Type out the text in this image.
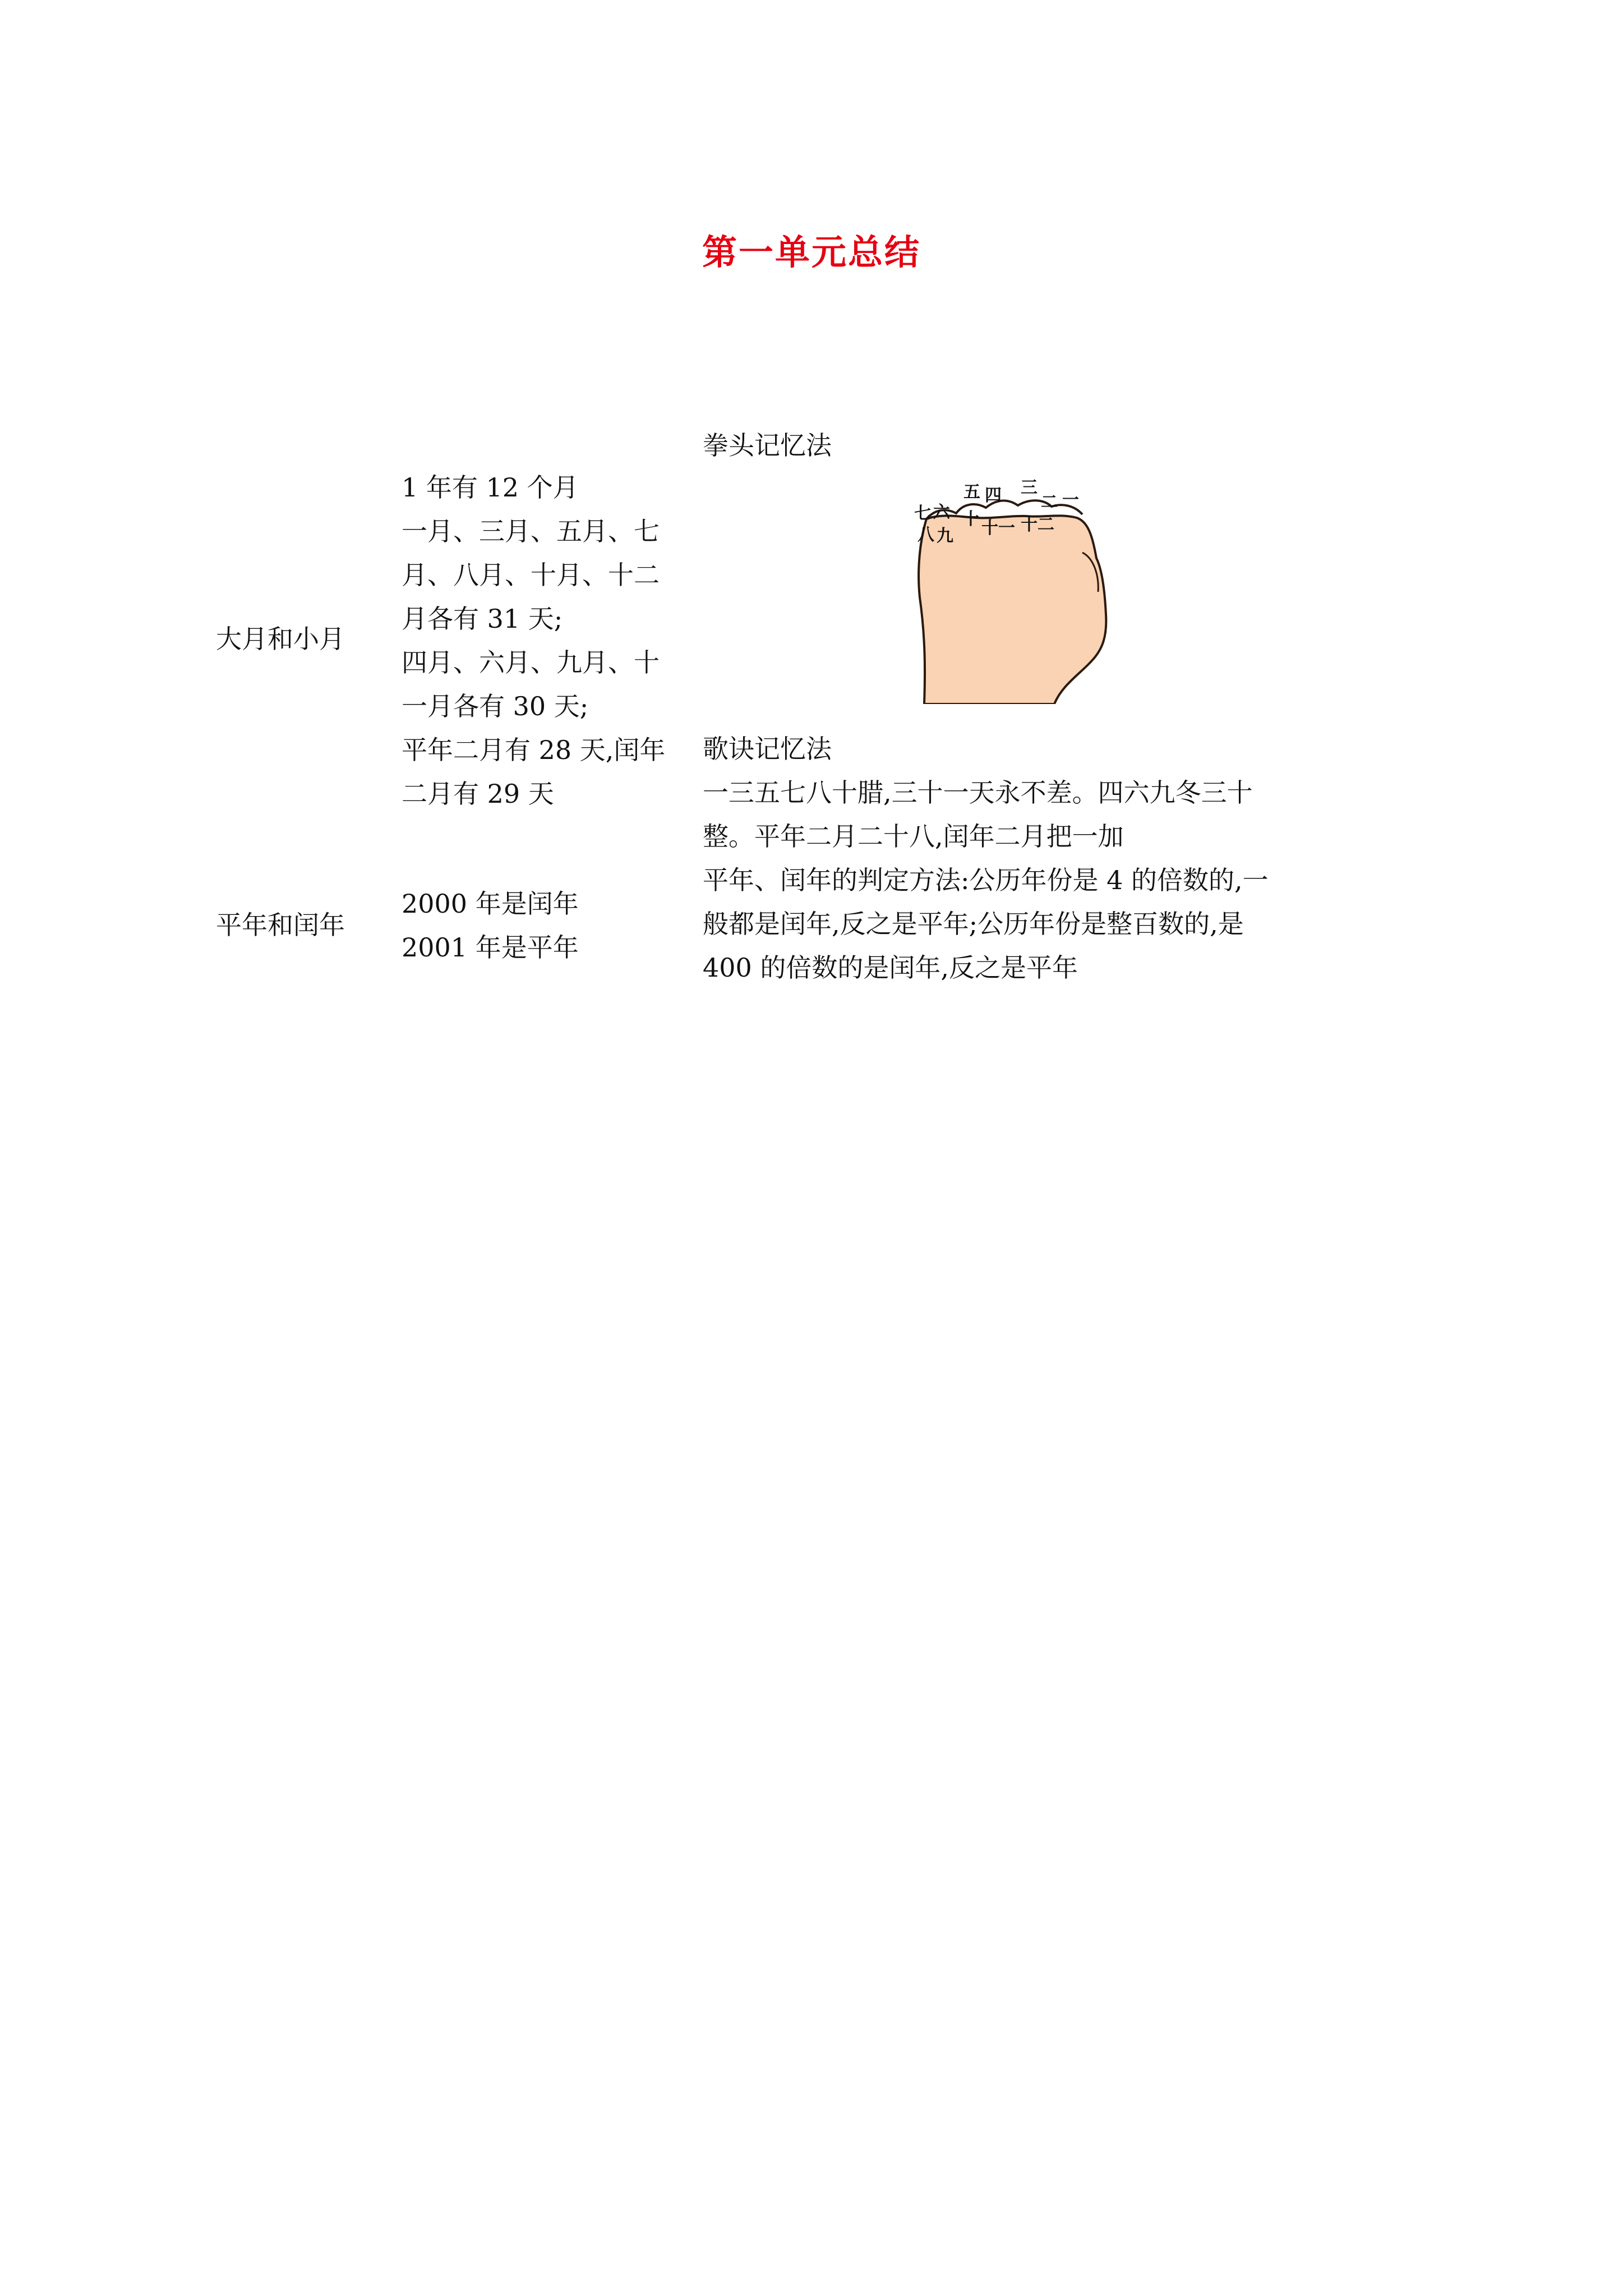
第一单元总结
大月和小月
1 年有 12 个月
一月、三月、五月、七
月、八月、十月、十二
月各有 31 天;
四月、六月、九月、十
一月各有 30 天;
平年二月有 28 天,闰年
二月有 29 天
拳头记忆法
七 六
五 四 三
二 一
八 九
十 十一 十二
歌诀记忆法
一三五七八十腊,三十一天永不差。四六九冬三十
整。平年二月二十八,闰年二月把一加
平年和闰年
2000 年是闰年
2001 年是平年
平年、闰年的判定方法:公历年份是 4 的倍数的,一
般都是闰年,反之是平年;公历年份是整百数的,是
400 的倍数的是闰年,反之是平年
